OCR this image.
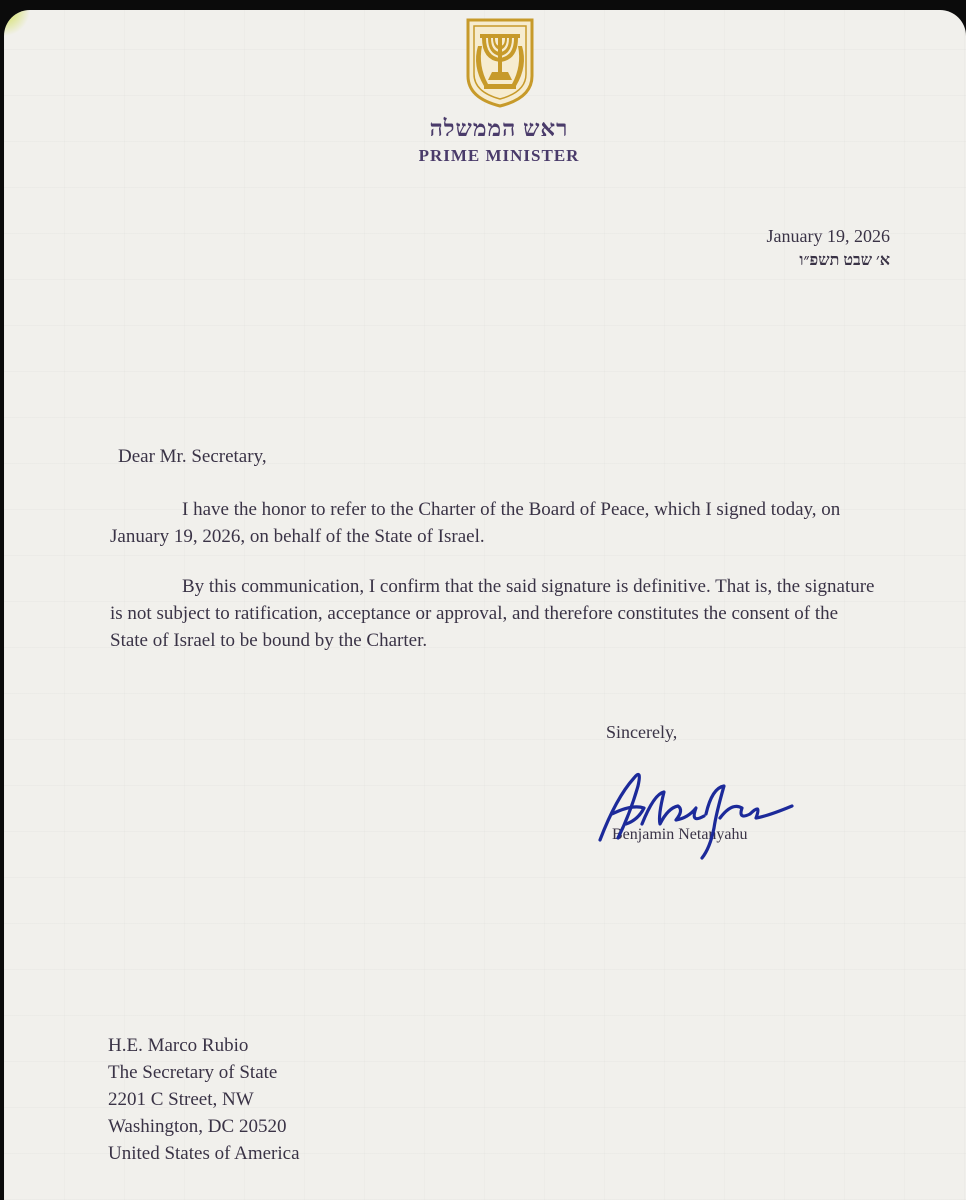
ראש הממשלה
PRIME MINISTER
January 19, 2026
א׳ שבט תשפ״ו
Dear Mr. Secretary,
I have the honor to refer to the Charter of the Board of Peace, which I signed today, on January 19, 2026, on behalf of the State of Israel.
By this communication, I confirm that the said signature is definitive. That is, the signature is not subject to ratification, acceptance or approval, and therefore constitutes the consent of the State of Israel to be bound by the Charter.
Sincerely,
Benjamin Netanyahu
H.E. Marco Rubio
The Secretary of State
2201 C Street, NW
Washington, DC 20520
United States of America
